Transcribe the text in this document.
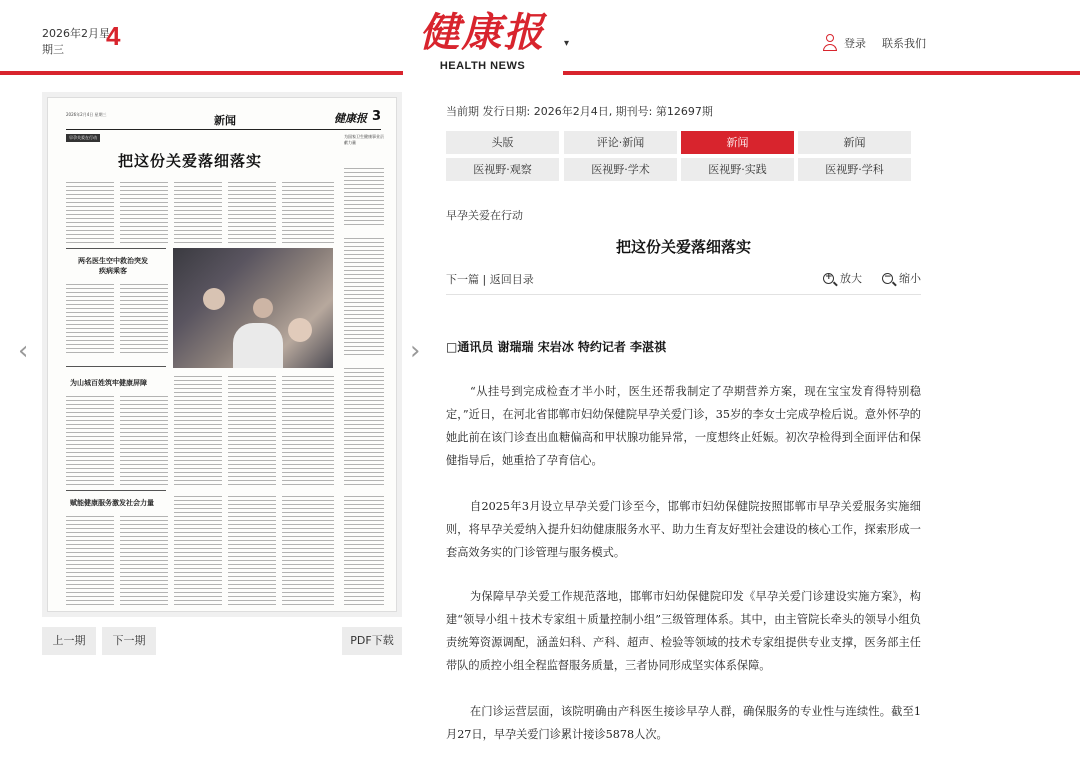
2026年2月星
期三	4	健康报
HEALTH NEWS
▾	登录 联系我们
2026年2月4日 星期三	新闻	健康报 3
早孕关爱在行动
把这份关爱落细落实
为国家卫生健康事业贡献力量
两名医生空中救治突发疾病乘客
为山城百姓筑牢健康屏障
赋能健康服务激发社会力量
‹	›
上一期	下一期	PDF下载
当前期 发行日期: 2026年2月4日, 期刊号: 第12697期
头版	评论·新闻	新闻	新闻
医视野·观察	医视野·学术	医视野·实践	医视野·学科
早孕关爱在行动
把这份关爱落细落实
下一篇 | 返回目录	+ 放大 − 缩小
□通讯员 谢瑞瑞 宋岩冰 特约记者 李湛祺
“从挂号到完成检查才半小时，医生还帮我制定了孕期营养方案，现在宝宝发育得特别稳定，”近日，在河北省邯郸市妇幼保健院早孕关爱门诊，35岁的李女士完成孕检后说。意外怀孕的她此前在该门诊查出血糖偏高和甲状腺功能异常，一度想终止妊娠。初次孕检得到全面评估和保健指导后，她重拾了孕育信心。
自2025年3月设立早孕关爱门诊至今，邯郸市妇幼保健院按照邯郸市早孕关爱服务实施细则，将早孕关爱纳入提升妇幼健康服务水平、助力生育友好型社会建设的核心工作，探索形成一套高效务实的门诊管理与服务模式。
为保障早孕关爱工作规范落地，邯郸市妇幼保健院印发《早孕关爱门诊建设实施方案》，构建“领导小组＋技术专家组＋质量控制小组”三级管理体系。其中，由主管院长牵头的领导小组负责统筹资源调配，涵盖妇科、产科、超声、检验等领域的技术专家组提供专业支撑，医务部主任带队的质控小组全程监督服务质量，三者协同形成坚实体系保障。
在门诊运营层面，该院明确由产科医生接诊早孕人群，确保服务的专业性与连续性。截至1月27日，早孕关爱门诊累计接诊5878人次。
